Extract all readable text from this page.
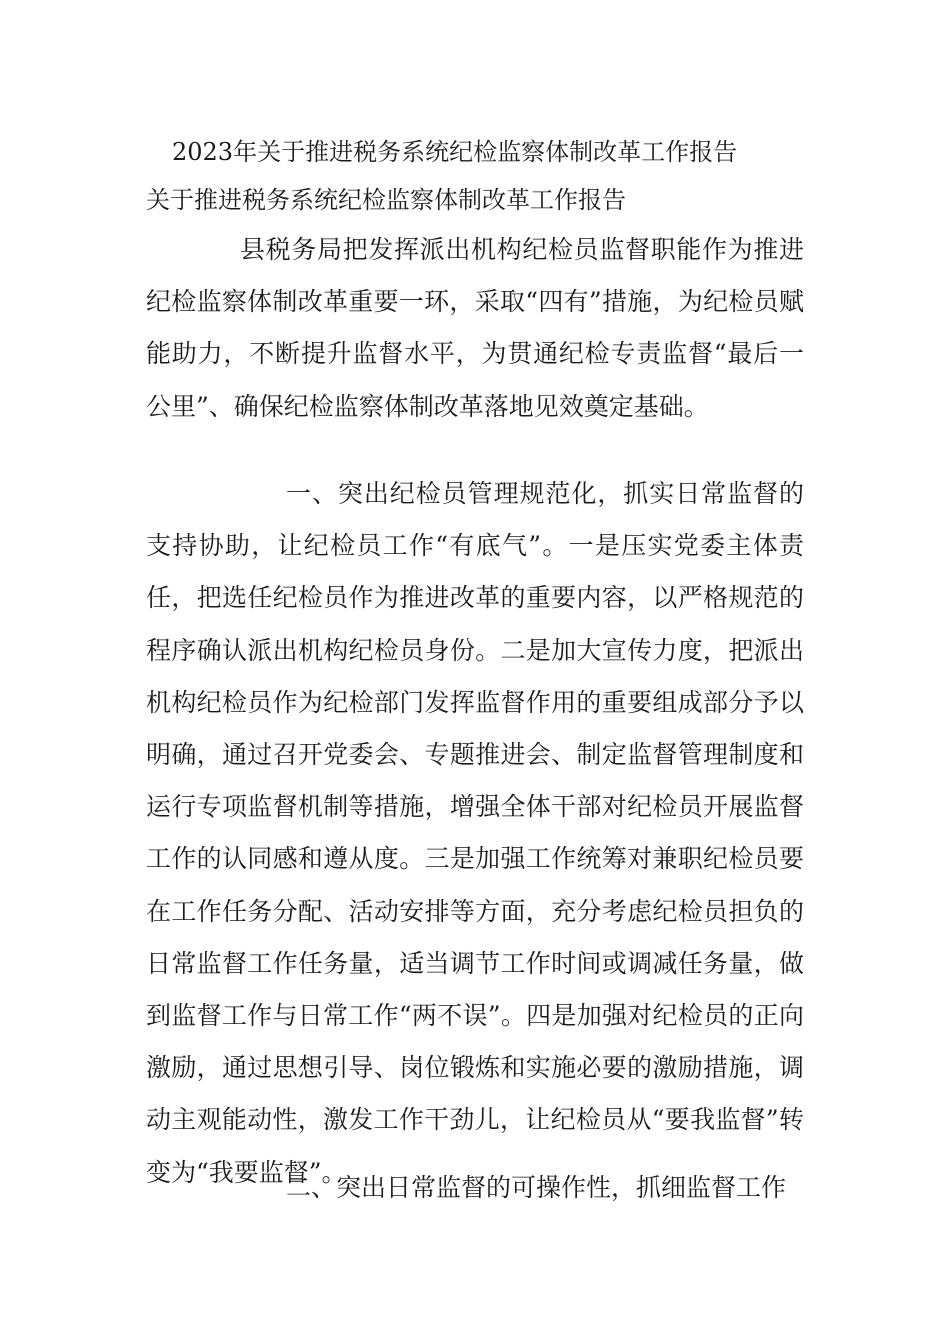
2023年关于推进税务系统纪检监察体制改革工作报告
关于推进税务系统纪检监察体制改革工作报告

县税务局把发挥派出机构纪检员监督职能作为推进纪检监察体制改革重要一环，采取“四有”措施，为纪检员赋能助力，不断提升监督水平，为贯通纪检专责监督“最后一公里”、确保纪检监察体制改革落地见效奠定基础。

一、突出纪检员管理规范化，抓实日常监督的支持协助，让纪检员工作“有底气”。一是压实党委主体责任，把选任纪检员作为推进改革的重要内容，以严格规范的程序确认派出机构纪检员身份。二是加大宣传力度，把派出机构纪检员作为纪检部门发挥监督作用的重要组成部分予以明确，通过召开党委会、专题推进会、制定监督管理制度和运行专项监督机制等措施，增强全体干部对纪检员开展监督工作的认同感和遵从度。三是加强工作统筹对兼职纪检员要在工作任务分配、活动安排等方面，充分考虑纪检员担负的日常监督工作任务量，适当调节工作时间或调减任务量，做到监督工作与日常工作“两不误”。四是加强对纪检员的正向激励，通过思想引导、岗位锻炼和实施必要的激励措施，调动主观能动性，激发工作干劲儿，让纪检员从“要我监督”转变为“我要监督”。

二、突出日常监督的可操作性，抓细监督工作
